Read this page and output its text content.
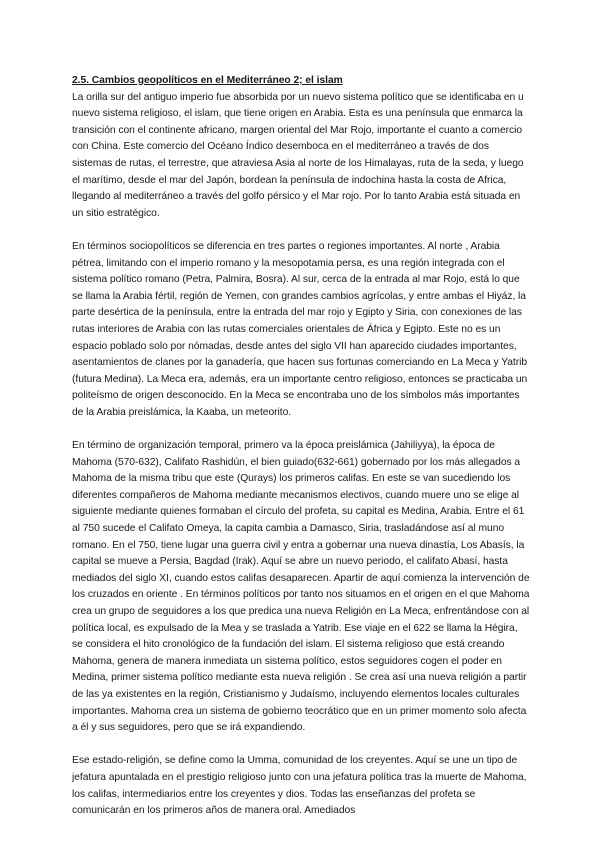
2.5. Cambios geopolíticos en el Mediterráneo 2; el islam

La orilla sur del antiguo imperio fue absorbida por un nuevo sistema político que se identificaba en u nuevo sistema religioso, el islam, que tiene origen en Arabia. Esta es una península que enmarca la transición con el continente africano, margen oriental del Mar Rojo, importante el cuanto a comercio con China. Este comercio del Océano Índico desemboca en el mediterráneo a través de dos sistemas de rutas, el terrestre, que atraviesa Asia al norte de los Himalayas, ruta de la seda, y luego el marítimo, desde el mar del Japón, bordean la península de indochina hasta la costa de Africa, llegando al mediterráneo a través del golfo pérsico y el Mar rojo. Por lo tanto Arabia está situada en un sitio estratégico.

En términos sociopolíticos se diferencia en tres partes o regiones importantes. Al norte , Arabia pétrea, limitando con el imperio romano y la mesopotamia persa, es una región integrada con el sistema político romano (Petra, Palmira, Bosra). Al sur, cerca de la entrada al mar Rojo, está lo que se llama la Arabia fértil, región de Yemen, con grandes cambios agrícolas, y entre ambas el Hiyáz, la parte desértica de la península, entre la entrada del mar rojo y Egipto y Siria, con conexiones de las rutas interiores de Arabia con las rutas comerciales orientales de África y Egipto. Este no es un espacio poblado solo por nómadas, desde antes del siglo VII han aparecido ciudades importantes, asentamientos de clanes por la ganadería, que hacen sus fortunas comerciando en La Meca y Yatrib (futura Medina). La Meca era, además, era un importante centro religioso, entonces se practicaba un politeísmo de origen desconocido. En la Meca se encontraba uno de los símbolos más importantes de la Arabia preislámica, la Kaaba, un meteorito.

En término de organización temporal, primero va la época preislámica (Jahiliyya), la época de Mahoma (570-632), Califato Rashidún, el bien guiado(632-661) gobernado por los más allegados a Mahoma de la misma tribu que este (Qurays) los primeros califas. En este se van sucediendo los diferentes compañeros de Mahoma mediante mecanismos electivos, cuando muere uno se elige al siguiente mediante quienes formaban el círculo del profeta, su capital es Medina, Arabia. Entre el 61 al 750 sucede el Califato Omeya, la capita cambia a Damasco, Siria, trasladándose así al muno romano. En el 750, tiene lugar una guerra civil y entra a gobernar una nueva dinastía, Los Abasís, la capital se mueve a Persia, Bagdad (Irak). Aquí se abre un nuevo periodo, el califato Abasí, hasta mediados del siglo XI, cuando estos califas desaparecen. Apartir de aquí comienza la intervención de los cruzados en oriente . En términos políticos por tanto nos situamos en el origen en el que Mahoma crea un grupo de seguidores a los que predica una nueva Religión en La Meca, enfrentándose con al política local, es expulsado de la Mea y se traslada a Yatrib. Ese viaje en el 622 se llama la Hégira, se considera el hito cronológico de la fundación del islam. El sistema religioso que está creando Mahoma, genera de manera inmediata un sistema político, estos seguidores cogen el poder en Medina, primer sistema político mediante esta nueva religión . Se crea así una nueva religión a partir de las ya existentes en la región, Cristianismo y Judaísmo, incluyendo elementos locales culturales importantes. Mahoma crea un sistema de gobierno teocrático que en un primer momento solo afecta a él y sus seguidores, pero que se irá expandiendo.

Ese estado-religión, se define como la Umma, comunidad de los creyentes. Aquí se une un tipo de jefatura apuntalada en el prestigio religioso junto con una jefatura política tras la muerte de Mahoma, los califas, intermediarios entre los creyentes y dios. Todas las enseñanzas del profeta se comunicarán en los primeros años de manera oral. Amediados
